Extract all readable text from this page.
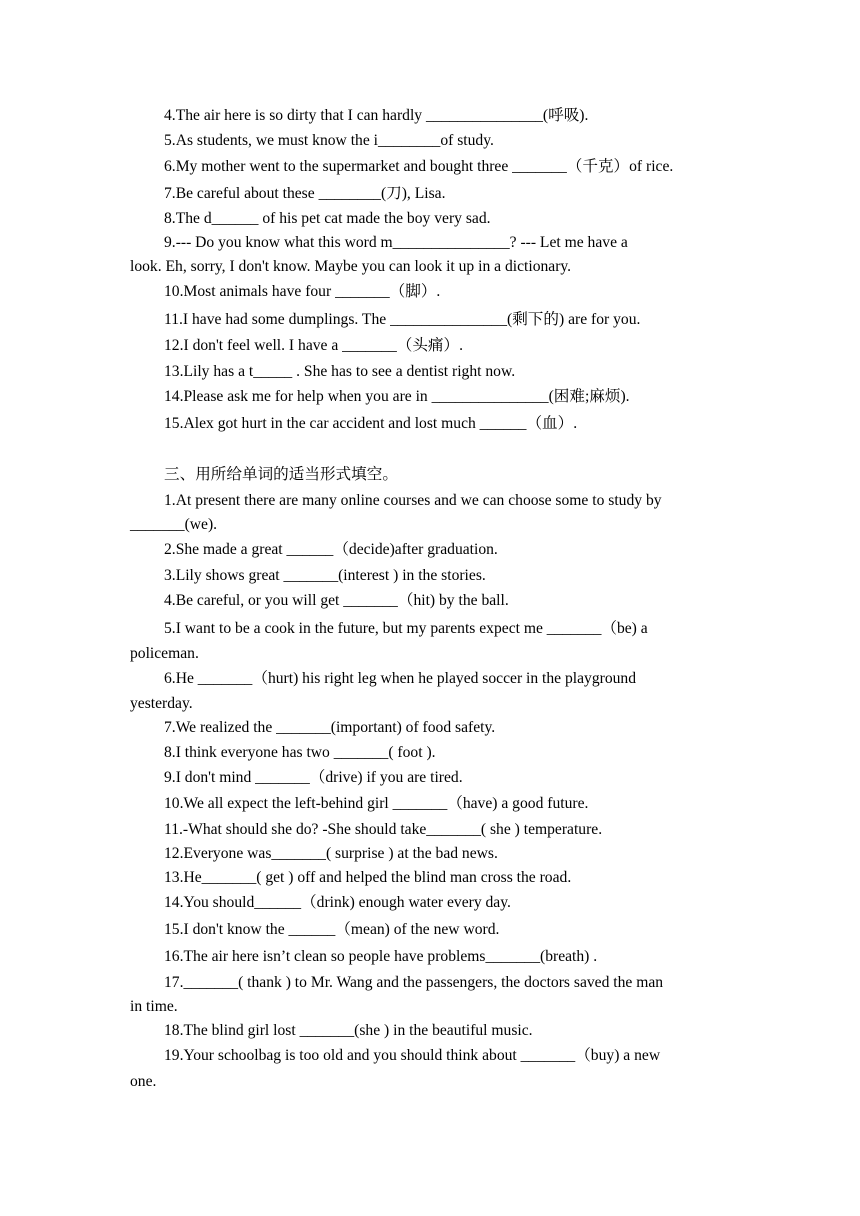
4.The air here is so dirty that I can hardly _______________(呼吸).
5.As students, we must know the i________of study.
6.My mother went to the supermarket and bought three _______（千克）of rice.
7.Be careful about these ________(刀), Lisa.
8.The d______ of his pet cat made the boy very sad.
9.--- Do you know what this word m_______________? --- Let me have a
look. Eh, sorry, I don't know. Maybe you can look it up in a dictionary.
10.Most animals have four _______（脚）.
11.I have had some dumplings. The _______________(剩下的) are for you.
12.I don't feel well. I have a _______（头痛）.
13.Lily has a t_____ . She has to see a dentist right now.
14.Please ask me for help when you are in _______________(困难;麻烦).
15.Alex got hurt in the car accident and lost much ______（血）.
三、用所给单词的适当形式填空。
1.At present there are many online courses and we can choose some to study by
_______(we).
2.She made a great ______（decide)after graduation.
3.Lily shows great _______(interest ) in the stories.
4.Be careful, or you will get _______（hit) by the ball.
5.I want to be a cook in the future, but my parents expect me _______（be) a
policeman.
6.He _______（hurt) his right leg when he played soccer in the playground
yesterday.
7.We realized the _______(important) of food safety.
8.I think everyone has two _______( foot ).
9.I don't mind _______（drive) if you are tired.
10.We all expect the left-behind girl _______（have) a good future.
11.-What should she do? -She should take_______( she ) temperature.
12.Everyone was_______( surprise ) at the bad news.
13.He_______( get ) off and helped the blind man cross the road.
14.You should______（drink) enough water every day.
15.I don't know the ______（mean) of the new word.
16.The air here isn’t clean so people have problems_______(breath) .
17._______( thank ) to Mr. Wang and the passengers, the doctors saved the man
in time.
18.The blind girl lost _______(she ) in the beautiful music.
19.Your schoolbag is too old and you should think about _______（buy) a new
one.
